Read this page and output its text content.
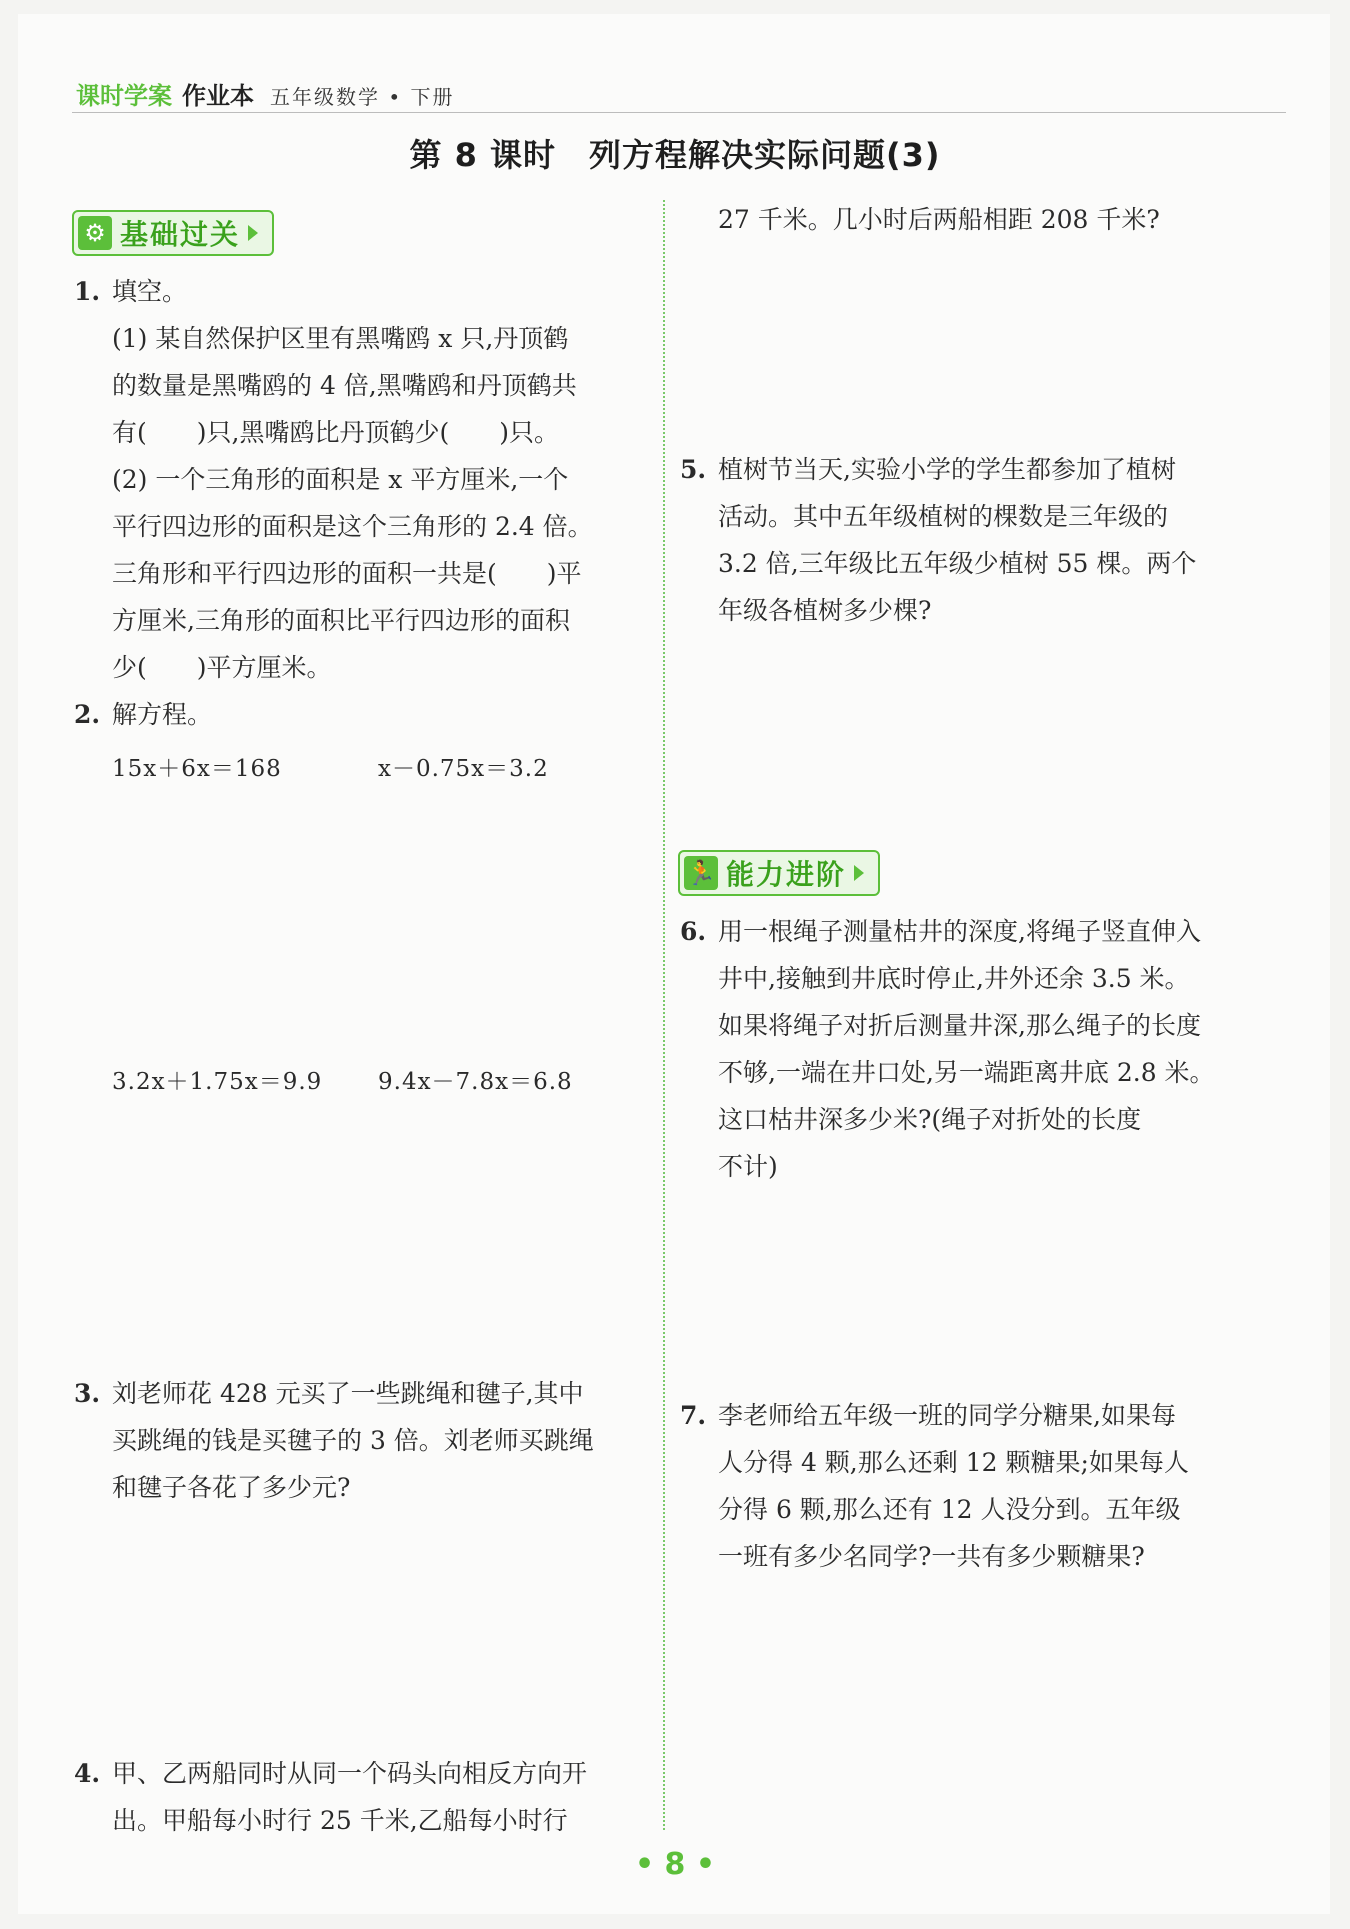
课时学案 作业本 五年级数学 • 下册
第 8 课时　列方程解决实际问题(3)
⚙ 基础过关
1. 填空。

(1) 某自然保护区里有黑嘴鸥 x 只,丹顶鹤

的数量是黑嘴鸥的 4 倍,黑嘴鸥和丹顶鹤共

有(　　)只,黑嘴鸥比丹顶鹤少(　　)只。

(2) 一个三角形的面积是 x 平方厘米,一个

平行四边形的面积是这个三角形的 2.4 倍。

三角形和平行四边形的面积一共是(　　)平

方厘米,三角形的面积比平行四边形的面积

少(　　)平方厘米。

2. 解方程。

15x＋6x＝168	x－0.75x＝3.2
3.2x＋1.75x＝9.9 9.4x－7.8x＝6.8
3. 刘老师花 428 元买了一些跳绳和毽子,其中

买跳绳的钱是买毽子的 3 倍。刘老师买跳绳

和毽子各花了多少元?

4. 甲、乙两船同时从同一个码头向相反方向开

出。甲船每小时行 25 千米,乙船每小时行

27 千米。几小时后两船相距 208 千米?

5. 植树节当天,实验小学的学生都参加了植树

活动。其中五年级植树的棵数是三年级的

3.2 倍,三年级比五年级少植树 55 棵。两个

年级各植树多少棵?

🏃 能力进阶
6. 用一根绳子测量枯井的深度,将绳子竖直伸入

井中,接触到井底时停止,井外还余 3.5 米。

如果将绳子对折后测量井深,那么绳子的长度

不够,一端在井口处,另一端距离井底 2.8 米。

这口枯井深多少米?(绳子对折处的长度

不计)

7. 李老师给五年级一班的同学分糖果,如果每

人分得 4 颗,那么还剩 12 颗糖果;如果每人

分得 6 颗,那么还有 12 人没分到。五年级

一班有多少名同学?一共有多少颗糖果?

• 8 •
